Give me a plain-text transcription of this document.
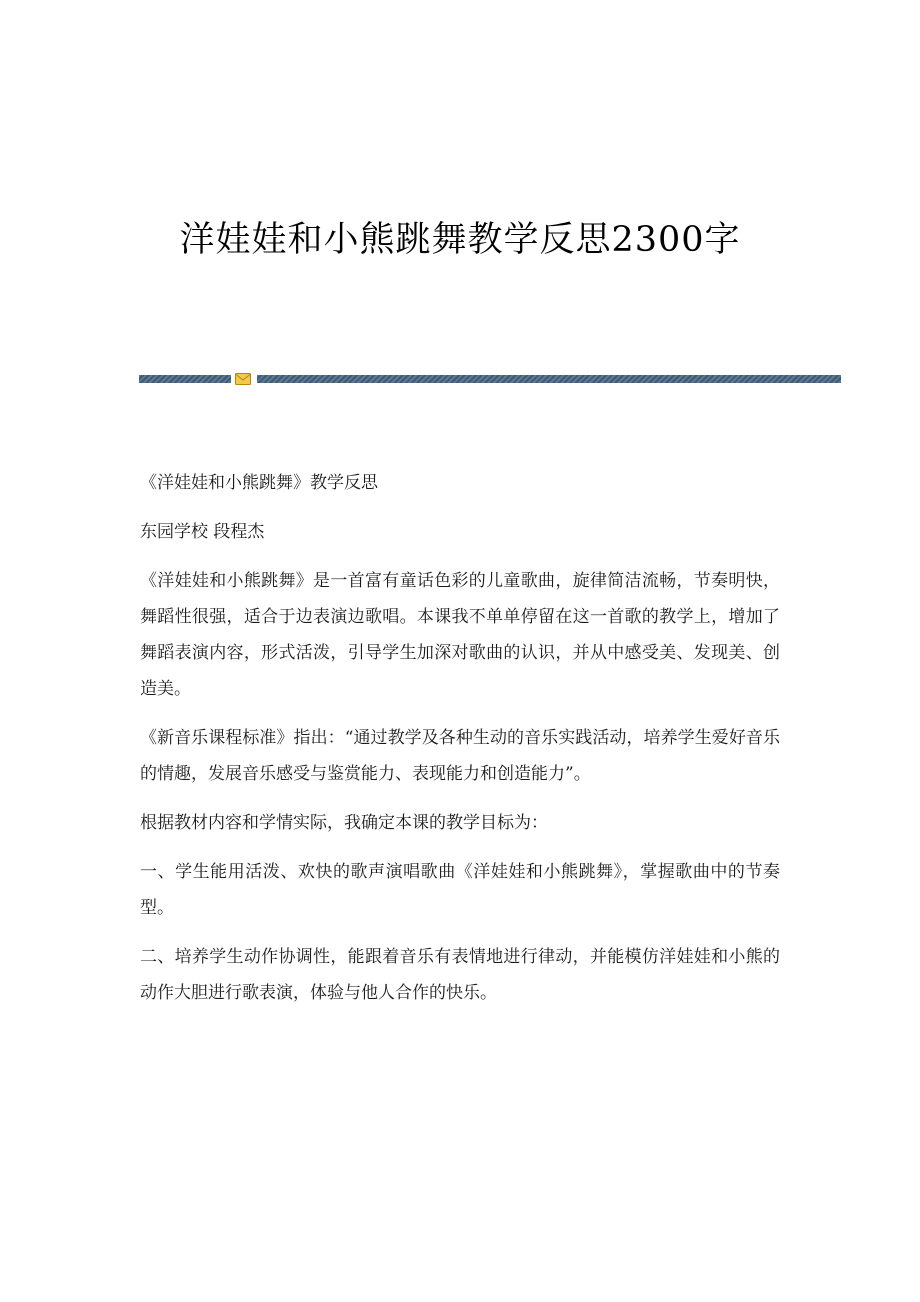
洋娃娃和小熊跳舞教学反思2300字

《洋娃娃和小熊跳舞》教学反思

东园学校 段程杰

《洋娃娃和小熊跳舞》是一首富有童话色彩的儿童歌曲，旋律简洁流畅，节奏明快，舞蹈性很强，适合于边表演边歌唱。本课我不单单停留在这一首歌的教学上，增加了舞蹈表演内容，形式活泼，引导学生加深对歌曲的认识，并从中感受美、发现美、创造美。

《新音乐课程标准》指出：“通过教学及各种生动的音乐实践活动，培养学生爱好音乐的情趣，发展音乐感受与鉴赏能力、表现能力和创造能力”。

根据教材内容和学情实际，我确定本课的教学目标为：

一、学生能用活泼、欢快的歌声演唱歌曲《洋娃娃和小熊跳舞》，掌握歌曲中的节奏型。

二、培养学生动作协调性，能跟着音乐有表情地进行律动，并能模仿洋娃娃和小熊的动作大胆进行歌表演，体验与他人合作的快乐。
